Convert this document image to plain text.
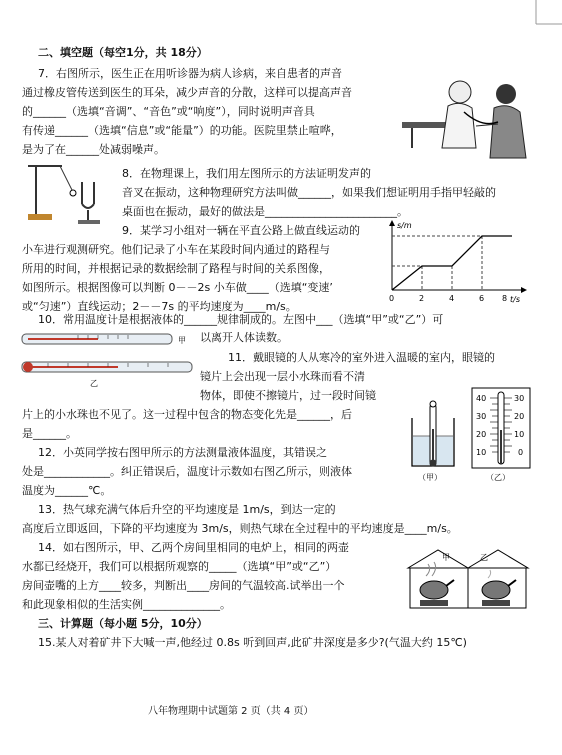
二、填空题（每空1分，共 18分）
7．右图所示，医生正在用听诊器为病人诊病，来自患者的声音
通过橡皮管传送到医生的耳朵，减少声音的分散，这样可以提高声音
的______（选填“音调”、“音色”或“响度”），同时说明声音具
有传递______（选填“信息”或“能量”）的功能。医院里禁止喧哗，
是为了在______处减弱噪声。
8．在物理课上，我们用左图所示的方法证明发声的
音叉在振动，这种物理研究方法叫做______，如果我们想证明用手指甲轻敲的
桌面也在振动，最好的做法是________________________。
9．某学习小组对一辆在平直公路上做直线运动的
小车进行观测研究。他们记录了小车在某段时间内通过的路程与
所用的时间，并根据记录的数据绘制了路程与时间的关系图像，
如图所示。根据图像可以判断 0－－2s 小车做____（选填“变速’
或“匀速”）直线运动；2－－7s 的平均速度为____m/s。
s/m
t/s
0	2	4	6 8
10．常用温度计是根据液体的______规律制成的。左图中___（选填“甲”或“乙”）可
以离开人体读数。
甲
乙
11．戴眼镜的人从寒冷的室外进入温暖的室内，眼镜的
镜片上会出现一层小水珠而看不清
物体，即使不擦镜片，过一段时间镜
片上的小水珠也不见了。这一过程中包含的物态变化先是______，后
是______。
（甲）
40
30
20
10
30
20
10
0
（乙）
12．小英同学按右图甲所示的方法测量液体温度，其错误之
处是____________。纠正错误后，温度计示数如右图乙所示，则液体
温度为______℃。
13．热气球充满气体后升空的平均速度是 1m/s，到达一定的
高度后立即返回，下降的平均速度为 3m/s，则热气球在全过程中的平均速度是____m/s。
14．如右图所示，甲、乙两个房间里相同的电炉上，相同的两壶
水都已经烧开，我们可以根据所观察的_____（选填“甲”或“乙”）
房间壶嘴的上方____较多，判断出____房间的气温较高.试举出一个
和此现象相似的生活实例______________。
甲	乙
三、计算题（每小题 5分，10分）
15.某人对着矿井下大喊一声,他经过 0.8s 听到回声,此矿井深度是多少?(气温大约 15℃)
八年物理期中试题第 2 页（共 4 页）
